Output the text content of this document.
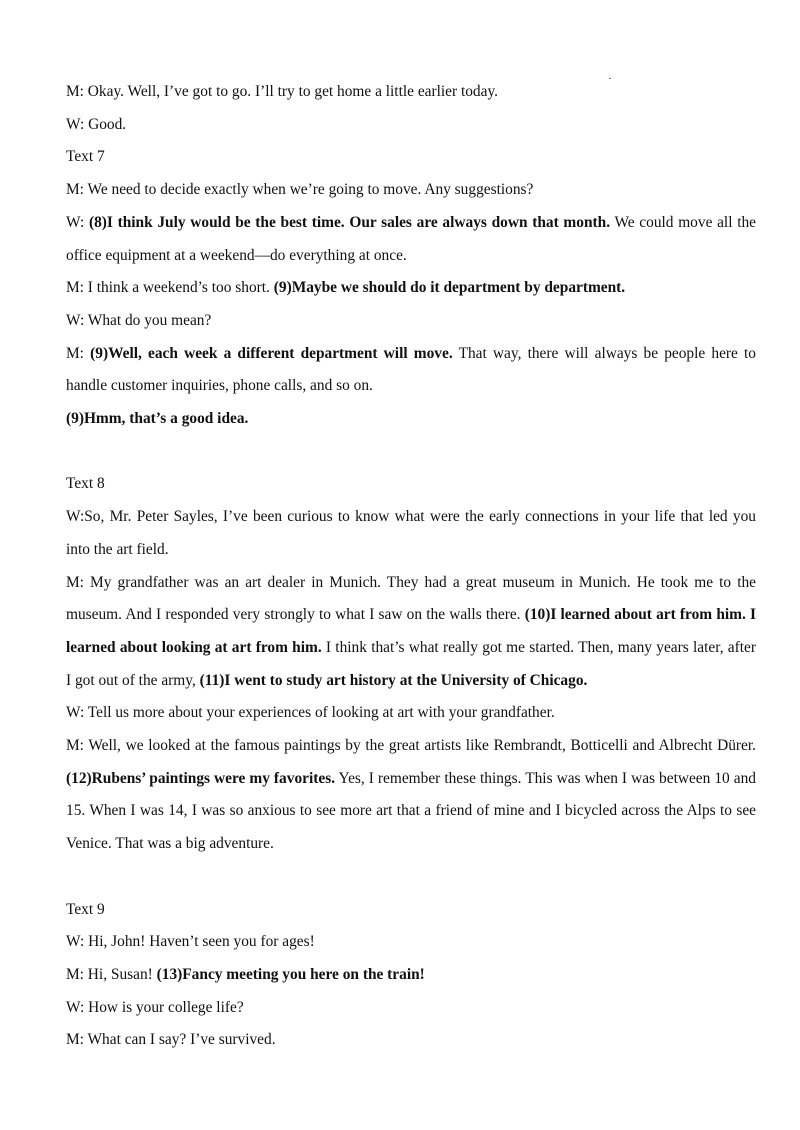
M: Okay. Well, I’ve got to go. I’ll try to get home a little earlier today.

W: Good.

Text 7

M: We need to decide exactly when we’re going to move. Any suggestions?

W: (8)I think July would be the best time. Our sales are always down that month. We could move all the office equipment at a weekend—do everything at once.

M: I think a weekend’s too short. (9)Maybe we should do it department by department.

W: What do you mean?

M: (9)Well, each week a different department will move. That way, there will always be people here to handle customer inquiries, phone calls, and so on.

(9)Hmm, that’s a good idea.

Text 8

W:So, Mr. Peter Sayles, I’ve been curious to know what were the early connections in your life that led you into the art field.

M: My grandfather was an art dealer in Munich. They had a great museum in Munich. He took me to the museum. And I responded very strongly to what I saw on the walls there. (10)I learned about art from him. I learned about looking at art from him. I think that’s what really got me started. Then, many years later, after I got out of the army, (11)I went to study art history at the University of Chicago.

W: Tell us more about your experiences of looking at art with your grandfather.

M: Well, we looked at the famous paintings by the great artists like Rembrandt, Botticelli and Albrecht Dürer. (12)Rubens’ paintings were my favorites. Yes, I remember these things. This was when I was between 10 and 15. When I was 14, I was so anxious to see more art that a friend of mine and I bicycled across the Alps to see Venice. That was a big adventure.

Text 9

W: Hi, John! Haven’t seen you for ages!

M: Hi, Susan! (13)Fancy meeting you here on the train!

W: How is your college life?

M: What can I say? I’ve survived.
